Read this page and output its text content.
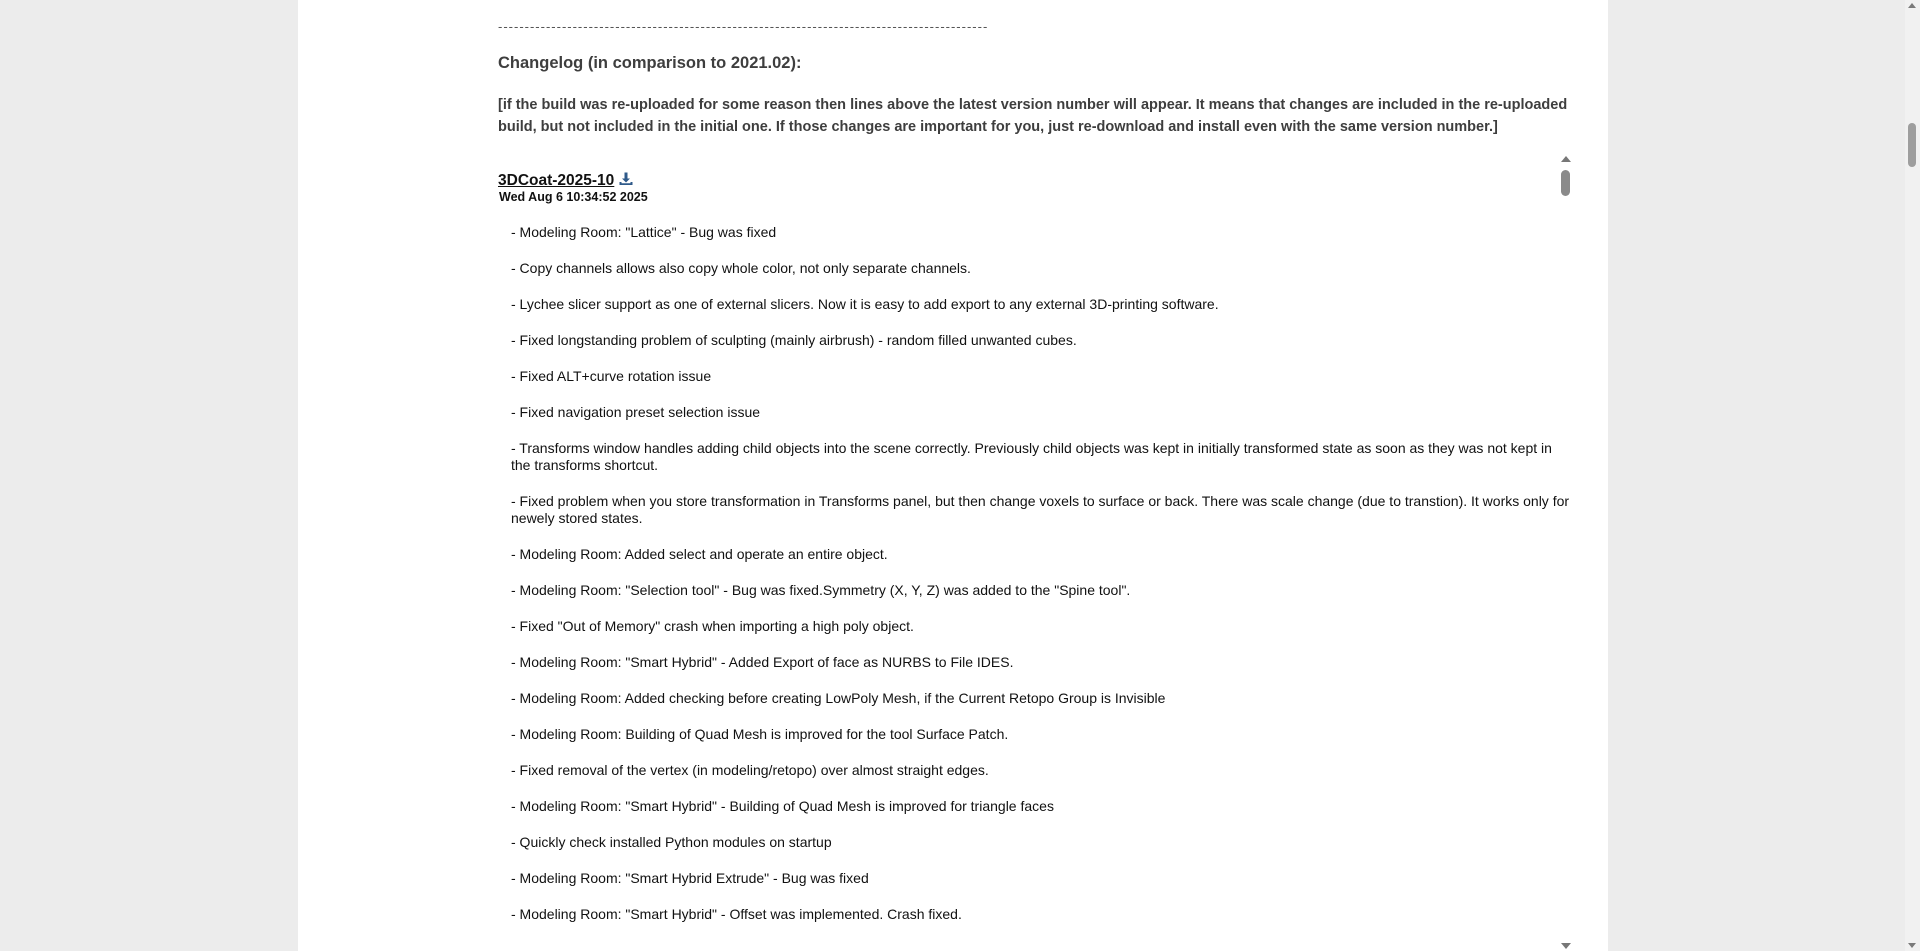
--------------------------------------------------------------------------------------------
Changelog (in comparison to 2021.02):

[if the build was re-uploaded for some reason then lines above the latest version number will appear. It means that changes are included in the re-uploaded build, but not included in the initial one. If those changes are important for you, just re-download and install even with the same version number.]

3DCoat-2025-10
Wed Aug 6 10:34:52 2025
- Modeling Room: "Lattice" - Bug was fixed
- Copy channels allows also copy whole color, not only separate channels.
- Lychee slicer support as one of external slicers. Now it is easy to add export to any external 3D-printing software.
- Fixed longstanding problem of sculpting (mainly airbrush) - random filled unwanted cubes.
- Fixed ALT+curve rotation issue
- Fixed navigation preset selection issue
- Transforms window handles adding child objects into the scene correctly. Previously child objects was kept in initially transformed state as soon as they was not kept in the transforms shortcut.
- Fixed problem when you store transformation in Transforms panel, but then change voxels to surface or back. There was scale change (due to transtion). It works only for newely stored states.
- Modeling Room: Added select and operate an entire object.
- Modeling Room: "Selection tool" - Bug was fixed.Symmetry (X, Y, Z) was added to the "Spine tool".
- Fixed "Out of Memory" crash when importing a high poly object.
- Modeling Room: "Smart Hybrid" - Added Export of face as NURBS to File IDES.
- Modeling Room: Added checking before creating LowPoly Mesh, if the Current Retopo Group is Invisible
- Modeling Room: Building of Quad Mesh is improved for the tool Surface Patch.
- Fixed removal of the vertex (in modeling/retopo) over almost straight edges.
- Modeling Room: "Smart Hybrid" - Building of Quad Mesh is improved for triangle faces
- Quickly check installed Python modules on startup
- Modeling Room: "Smart Hybrid Extrude" - Bug was fixed
- Modeling Room: "Smart Hybrid" - Offset was implemented. Crash fixed.
